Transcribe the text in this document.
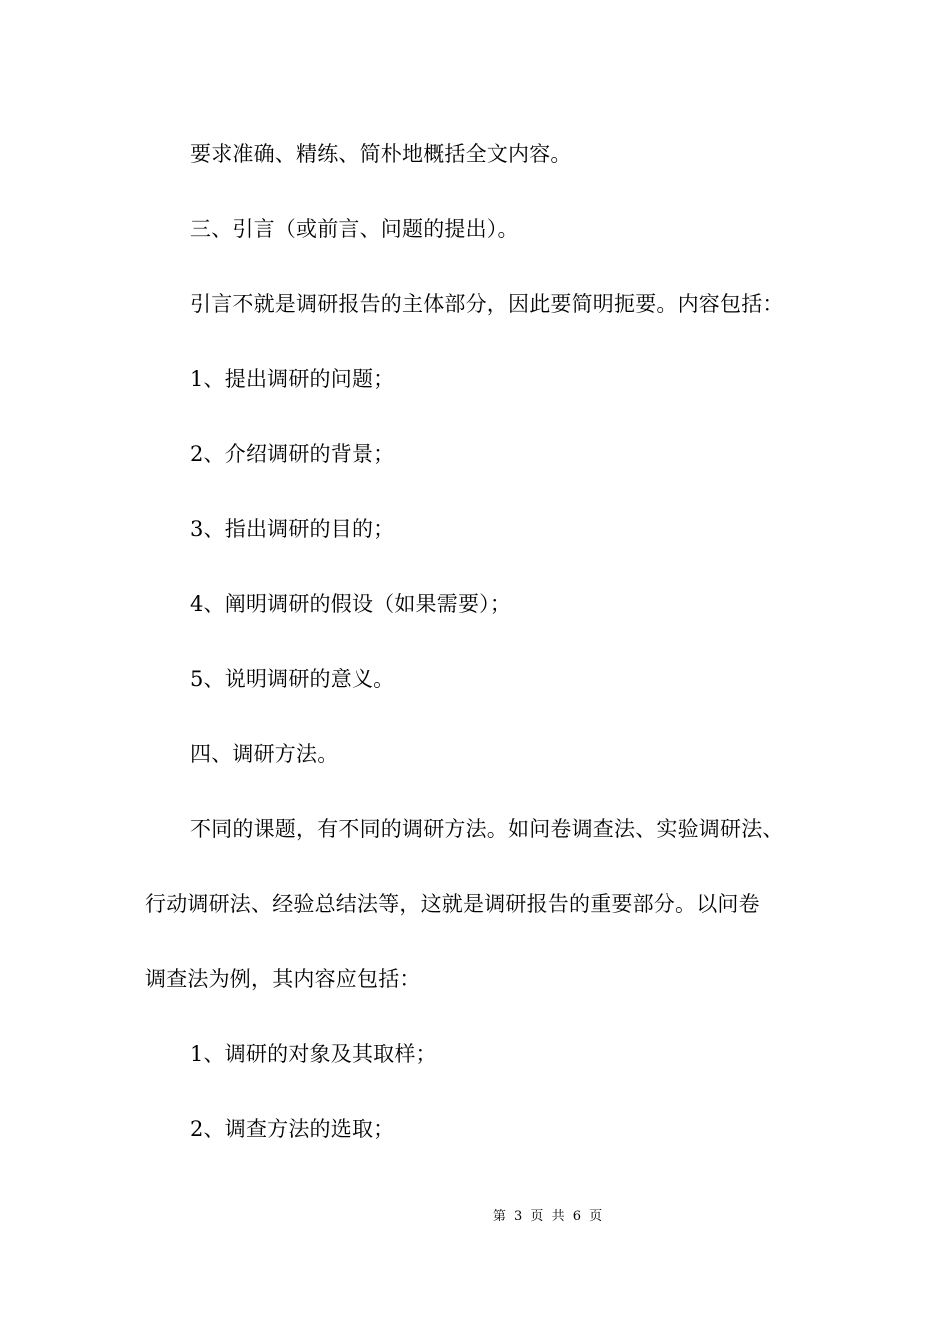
要求准确、精练、简朴地概括全文内容。
三、引言（或前言、问题的提出）。
引言不就是调研报告的主体部分，因此要简明扼要。内容包括：
1、提出调研的问题；
2、介绍调研的背景；
3、指出调研的目的；
4、阐明调研的假设（如果需要）；
5、说明调研的意义。
四、调研方法。
不同的课题，有不同的调研方法。如问卷调查法、实验调研法、
行动调研法、经验总结法等，这就是调研报告的重要部分。以问卷
调查法为例，其内容应包括：
1、调研的对象及其取样；
2、调查方法的选取；
第 3 页 共 6 页
